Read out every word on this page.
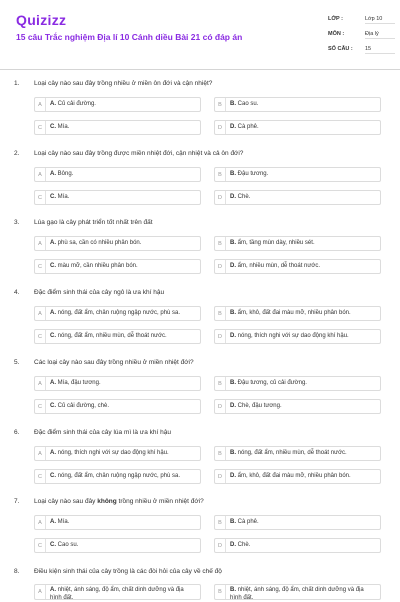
Quizizz
15 câu Trắc nghiệm Địa lí 10 Cánh diều Bài 21 có đáp án
LỚP :	Lớp 10
MÔN :	Địa lý
SỐ CÂU : 15
1. Loại cây nào sau đây trồng nhiều ở miền ôn đới và cận nhiệt?
A	A. Củ cải đường.	B	B. Cao su.
C	C. Mía.	D	D. Cà phê.
2. Loại cây nào sau đây trồng được miền nhiệt đới, cận nhiệt và cả ôn đới?
A	A. Bông.	B	B. Đậu tương.
C	C. Mía.	D	D. Chè.
3. Lúa gạo là cây phát triển tốt nhất trên đất
A	A. phù sa, cần có nhiều phân bón.	B	B. ẩm, tầng mùn dày, nhiều sét.
C	C. màu mỡ, cần nhiều phân bón.	D	D. ẩm, nhiều mùn, dễ thoát nước.
4. Đặc điểm sinh thái của cây ngô là ưa khí hậu
A	A. nóng, đất ẩm, chân ruộng ngập nước, phù sa.	B	B. ẩm, khô, đất đai màu mỡ, nhiều phân bón.
C	C. nóng, đất ẩm, nhiều mùn, dễ thoát nước.	D	D. nóng, thích nghi với sự dao động khí hậu.
5. Các loại cây nào sau đây trồng nhiều ở miền nhiệt đới?
A	A. Mía, đậu tương.	B	B. Đậu tương, củ cải đường.
C	C. Củ cải đường, chè.	D	D. Chè, đậu tương.
6. Đặc điểm sinh thái của cây lúa mì là ưa khí hậu
A	A. nóng, thích nghi với sự dao động khí hậu.	B	B. nóng, đất ẩm, nhiều mùn, dễ thoát nước.
C	C. nóng, đất ẩm, chân ruộng ngập nước, phù sa.	D	D. ẩm, khô, đất đai màu mỡ, nhiều phân bón.
7. Loại cây nào sau đây không trồng nhiều ở miền nhiệt đới?
A	A. Mía.	B	B. Cà phê.
C	C. Cao su.	D	D. Chè.
8. Điều kiện sinh thái của cây trồng là các đòi hỏi của cây về chế độ
A	A. nhiệt, ánh sáng, độ ẩm, chất dinh dưỡng và địa hình đất.
B	B. nhiệt, ánh sáng, độ ẩm, chất dinh dưỡng và địa hình đất.
